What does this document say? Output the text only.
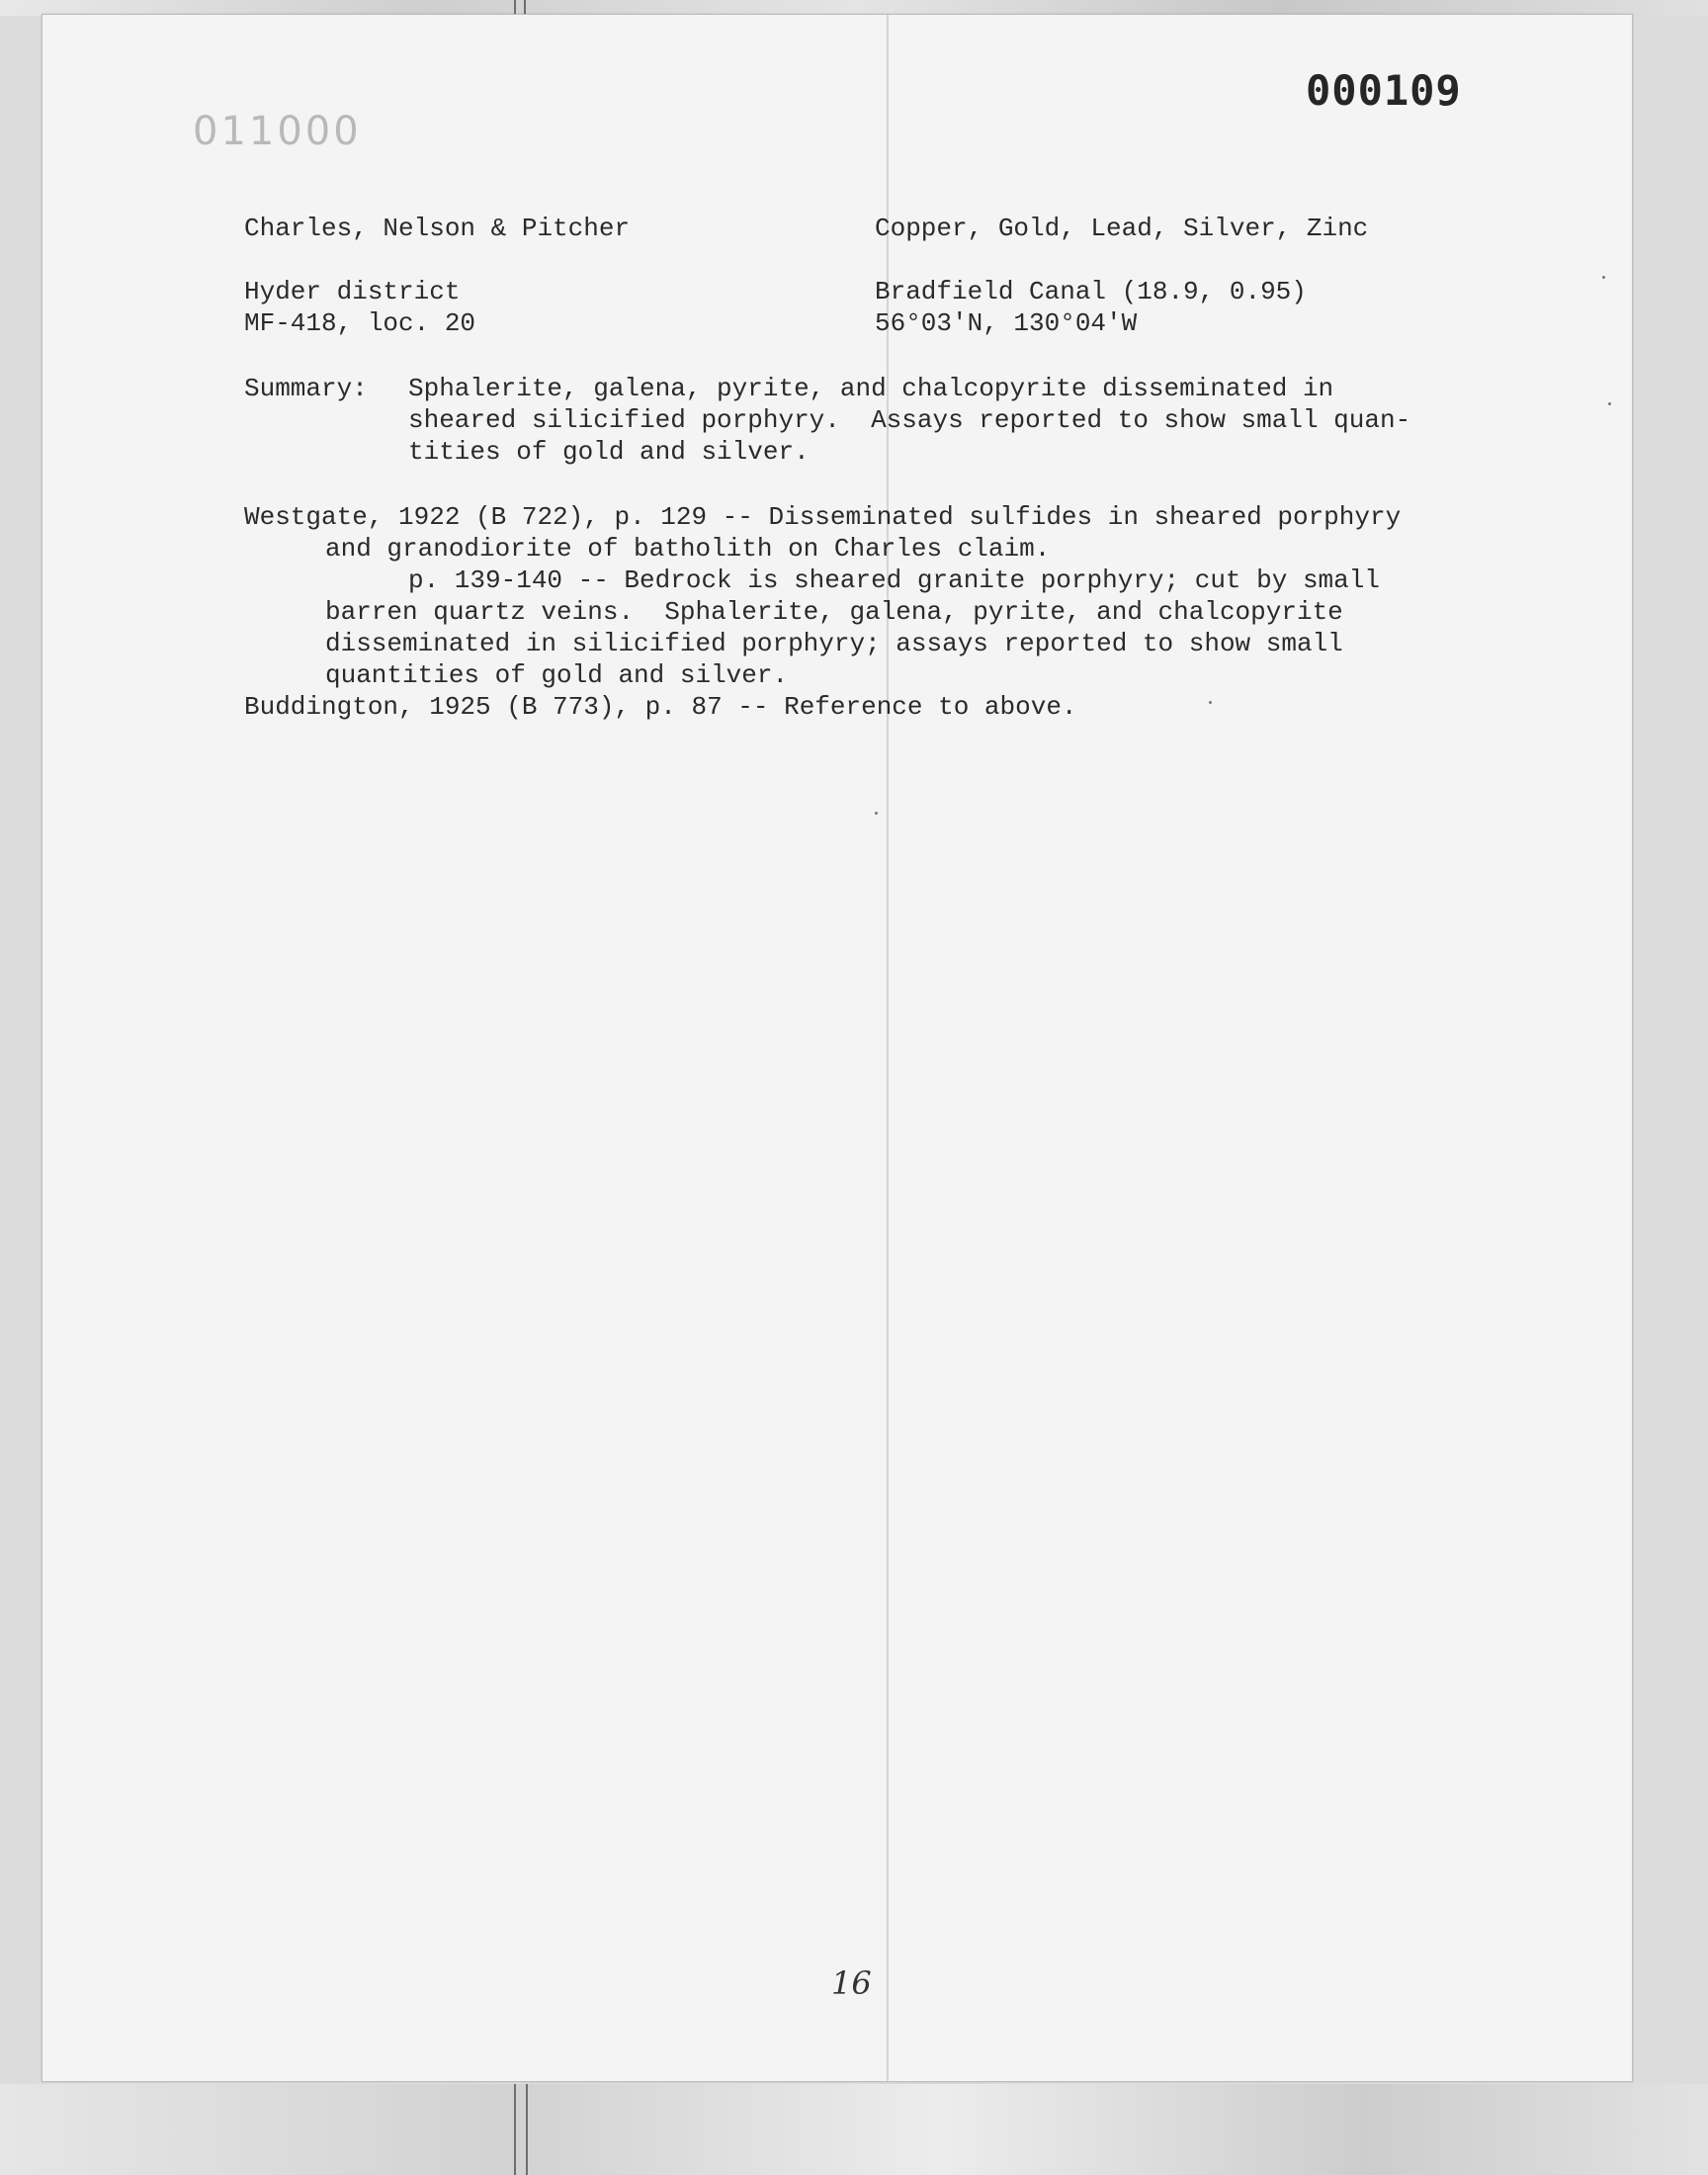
011000
000109

Charles, Nelson & Pitcher	Copper, Gold, Lead, Silver, Zinc

Hyder district	Bradfield Canal (18.9, 0.95)

MF-418, loc. 20	56°03'N, 130°04'W

Summary: Sphalerite, galena, pyrite, and chalcopyrite disseminated in

sheared silicified porphyry.  Assays reported to show small quan-

tities of gold and silver.

Westgate, 1922 (B 722), p. 129 -- Disseminated sulfides in sheared porphyry

and granodiorite of batholith on Charles claim.

p. 139-140 -- Bedrock is sheared granite porphyry; cut by small

barren quartz veins.  Sphalerite, galena, pyrite, and chalcopyrite

disseminated in silicified porphyry; assays reported to show small

quantities of gold and silver.

Buddington, 1925 (B 773), p. 87 -- Reference to above.

16
